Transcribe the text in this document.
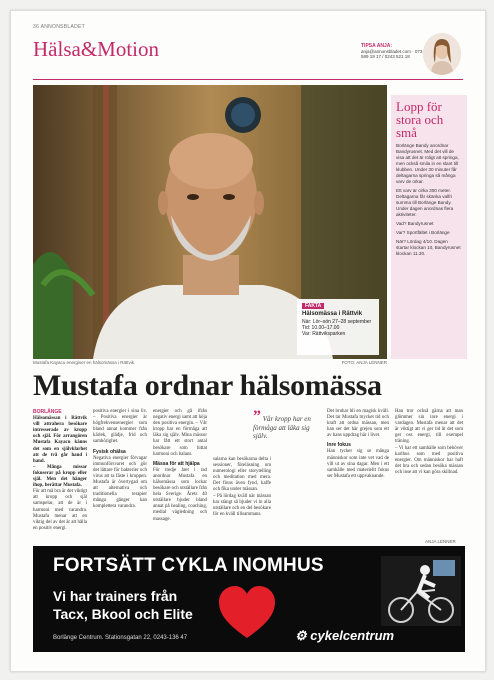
36 ANNONSBLADET
Hälsa&Motion	TIPSA ANJA:
anja@annonsbladet.com · 073 589 19 17 / 0243 521 18
FAKTA
Hälsomässa i Rättvik
När: Lör–sön 27–28 september
Tid: 10.00–17.00
Var: Rättviksparken
Mustafa Kayacu energiser en hälsomässa i Rättvik.	FOTO: ANJA LENNER
Lopp för stora och små

Borlänge Bandy anordnar Bandyrusnet. Med det vill de visa att det är roligt att springa, men också smila in en slant till klubben. Under 30 minuter får deltagarna springa så många varv de orkar.

Ett varv är cirka 300 meter. Deltagarna får skänka valfri summa till Borlänge Bandy. Under dagen anordnas flera aktiviteter.

Vad? Bandyrusnet

Var? Sportfältet i Borlänge

När? Lördag 4/10. Dagen startar klockan 10, Bandyrusnet klockan 11.30.

Mustafa ordnar hälsomässa
BORLÄNGE
Hälsomässan i Rättvik vill attrahera besökare intresserade av kropp och själ. För arrangören Mustafa Kayacu känns det som en självklarhet att de två går hand i hand.
– Många missar fokuserar på kropp eller själ. Men det hänger ihop, berättar Mustafa.
För att må bra är det viktigt att kropp och själ samspelar, att de är i harmoni med varandra. Mustafa menar att en viktig del av det är att hålla en positiv energi.
positiva energier i sina liv. – Positiva energier är högfrekvensenergier som bland annat kommer från kärlek, glädje, frid och samhörighet.
Fysisk ohälsa
Negativa energier förvagar immunförsvaret och gör det lättare för bakterier och virus att ta fäste i kroppen. Mustafa är övertygad om att alternativa och traditionella terapier många gånger kan komplettera varandra.
energier och gå ifrån negativ energi samt att höja den positiva energin. – Vår kropp har en förmåga att läka sig själv. Mina mässor har fått ett stort antal besökare som hittat harmoni och balans.
Mässa för att hjälpa
För tredje året i rad anordnar Mustafa en hälsomässa som lockar besökare och utställare från hela Sverige. Årets 40 utställare bjuder bland annat på healing, coaching, medial vägledning och massage.
” Vår kropp har en förmåga att läka sig själv.
salarna kan besökarna delta i sessioner, föreläsning om numerologi eller storytelling och meditation med mera. Det finns även fynd, kaffe och fika under mässan.
– På lördag kväll när mässan har stängt så bjuder vi in alla utställare och en del besökare för en kväll tillsammans.
Det bruhar bli en magisk kväll. Det tar Mustafa mycket tid och kraft att ordna mässan, men han ser det här grejen som ett av hans uppdrag här i livet.
Inre fokus
Han tycker sig se många människor som inte vet vad de vill ut av sina dagar. Men i ett samhälle med materiellt fokus ser Mustafa ett uppvaknande.
Han tror också gärna att man glömmer sin inre energi i vardagen. Mustafa menar att det är viktigt att vi ger tid åt det som ger oss energi, till exempel träning.
– Vi har ett samhälle som behöver karlhus som med positiva energier. Om människor har haft det bra och sedan besöka mässan och inse att vi kan göra skillnad.
ANJA LENNER
FORTSÄTT CYKLA INOMHUS
Vi har trainers från
Tacx, Bkool och Elite
Borlänge Centrum. Stationsgatan 22, 0243-136 47	⚙ cykelcentrum
